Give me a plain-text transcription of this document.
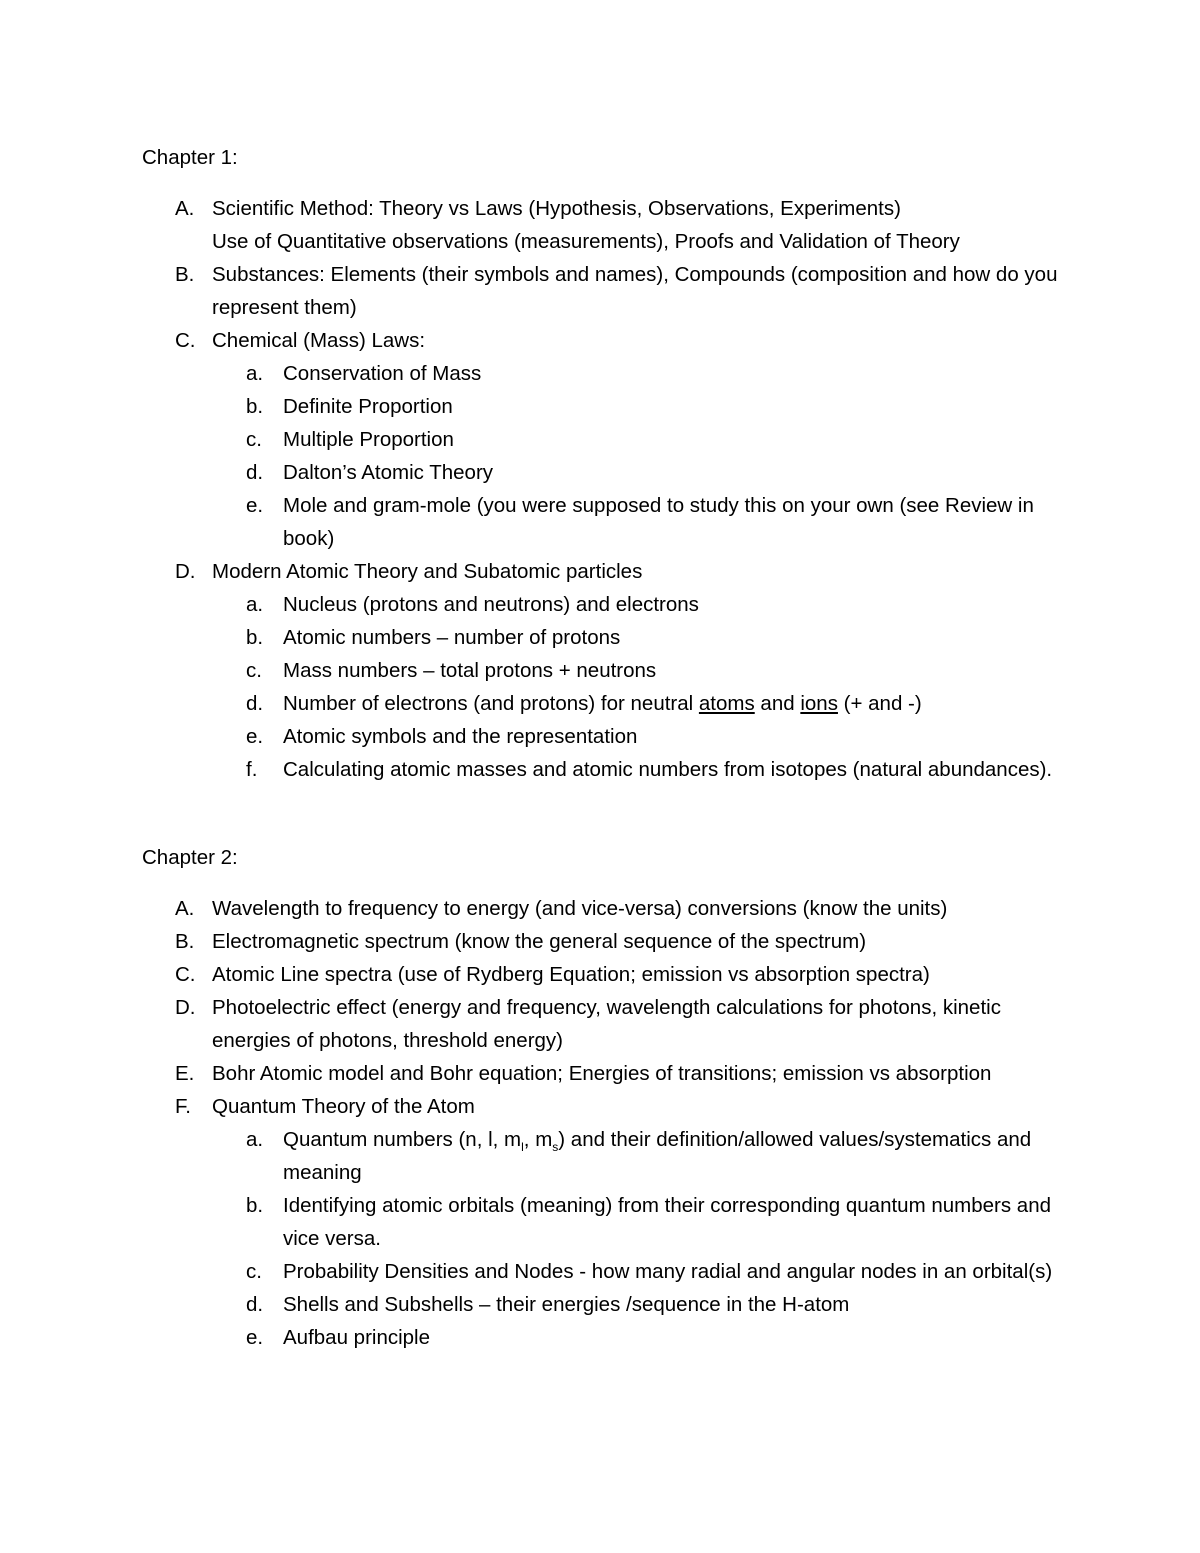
Chapter 1:
A. Scientific Method: Theory vs Laws (Hypothesis, Observations, Experiments)
Use of Quantitative observations (measurements), Proofs and Validation of Theory
B. Substances: Elements (their symbols and names), Compounds (composition and how do you represent them)
C. Chemical (Mass) Laws:
a. Conservation of Mass
b. Definite Proportion
c. Multiple Proportion
d. Dalton’s Atomic Theory
e. Mole and gram-mole (you were supposed to study this on your own (see Review in book)
D. Modern Atomic Theory and Subatomic particles
a. Nucleus (protons and neutrons) and electrons
b. Atomic numbers – number of protons
c. Mass numbers – total protons + neutrons
d. Number of electrons (and protons) for neutral atoms and ions (+ and -)
e. Atomic symbols and the representation
f. Calculating atomic masses and atomic numbers from isotopes (natural abundances).
Chapter 2:
A. Wavelength to frequency to energy (and vice-versa) conversions (know the units)
B. Electromagnetic spectrum (know the general sequence of the spectrum)
C. Atomic Line spectra (use of Rydberg Equation; emission vs absorption spectra)
D. Photoelectric effect (energy and frequency, wavelength calculations for photons, kinetic energies of photons, threshold energy)
E. Bohr Atomic model and Bohr equation; Energies of transitions; emission vs absorption
F. Quantum Theory of the Atom
a. Quantum numbers (n, l, $m_l$, $m_s$) and their definition/allowed values/systematics and meaning
b. Identifying atomic orbitals (meaning) from their corresponding quantum numbers and vice versa.
c. Probability Densities and Nodes - how many radial and angular nodes in an orbital(s)
d. Shells and Subshells – their energies /sequence in the H-atom
e. Aufbau principle
